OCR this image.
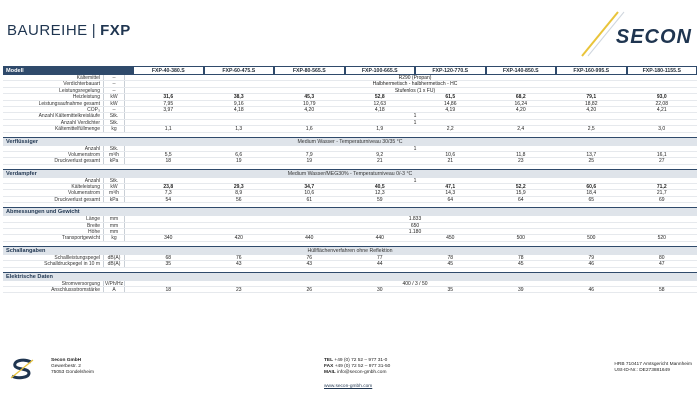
BAUREIHE | FXP	SECON
Modell	FXP-40-380.S	FXP-60-475.S	FXP-80-565.S	FXP-100-665.S	FXP-120-770.S	FXP-140-850.S	FXP-160-995.S	FXP-180-1155.S
Kältemittel	--	R290 (Propan)
Verdichterbauart	--	Halbhermetisch - halbhermetisch - HC
Leistungsregelung	--	Stufenlos (1 x FU)
Heizleistung	kW	31,6	38,3	45,3	52,8	61,5	68,2	79,1	93,0
Leistungsaufnahme gesamt	kW	7,95	9,16	10,79	12,63	14,86	16,24	18,82	22,08
COP₃	--	3,97	4,18	4,20	4,18	4,19	4,20	4,20	4,21
Anzahl Kältemittelkreisläufe	Stk.	1
Anzahl Verdichter	Stk.	1
Kältemittelfüllmenge	kg	1,1	1,3	1,6	1,9	2,2	2,4	2,5	3,0
Verflüssiger	Medium Wasser - Temperaturniveau 30/35 °C
Anzahl	Stk.	1
Volumenstrom	m³/h	5,5	6,6	7,9	9,2	10,6	11,8	13,7	16,1
Druckverlust gesamt	kPa	18	19	19	21	21	23	25	27
Verdampfer	Medium Wasser/MEG30% - Temperaturniveau 0/-3 °C
Anzahl	Stk.	1
Kälteleistung	kW	23,8	29,3	34,7	40,5	47,1	52,2	60,6	71,2
Volumenstrom	m³/h	7,3	8,9	10,6	12,3	14,3	15,9	18,4	21,7
Druckverlust gesamt	kPa	54	56	61	59	64	64	65	69
Abmessungen und Gewicht
Länge	mm	1.833
Breite	mm	650
Höhe	mm	1.180
Transportgewicht	kg	340	420	440	440	450	500	500	520
Schallangaben	Hüllflächenverfahren ohne Reflektion
Schallleistungspegel	dB(A)	68	76	76	77	78	78	79	80
Schalldruckpegel in 10 m	dB(A)	35	43	43	44	45	45	46	47
Elektrische Daten
Stromversorgung V/Ph/Hz	400 / 3 / 50
Anschlussstromstärke	A	18	23	26	30	35	39	46	58
Secon GmbH
Gewerbestr. 2
75053 Gondelsheim
TEL +49 (0) 72 52 – 977 31-0
FAX +49 (0) 72 52 – 977 31-50
MAIL info@secon-gmbh.com
www.secon-gmbh.com
HRB 710417 Amtsgericht Mannheim
USt-ID-Nr.: DE273881649
